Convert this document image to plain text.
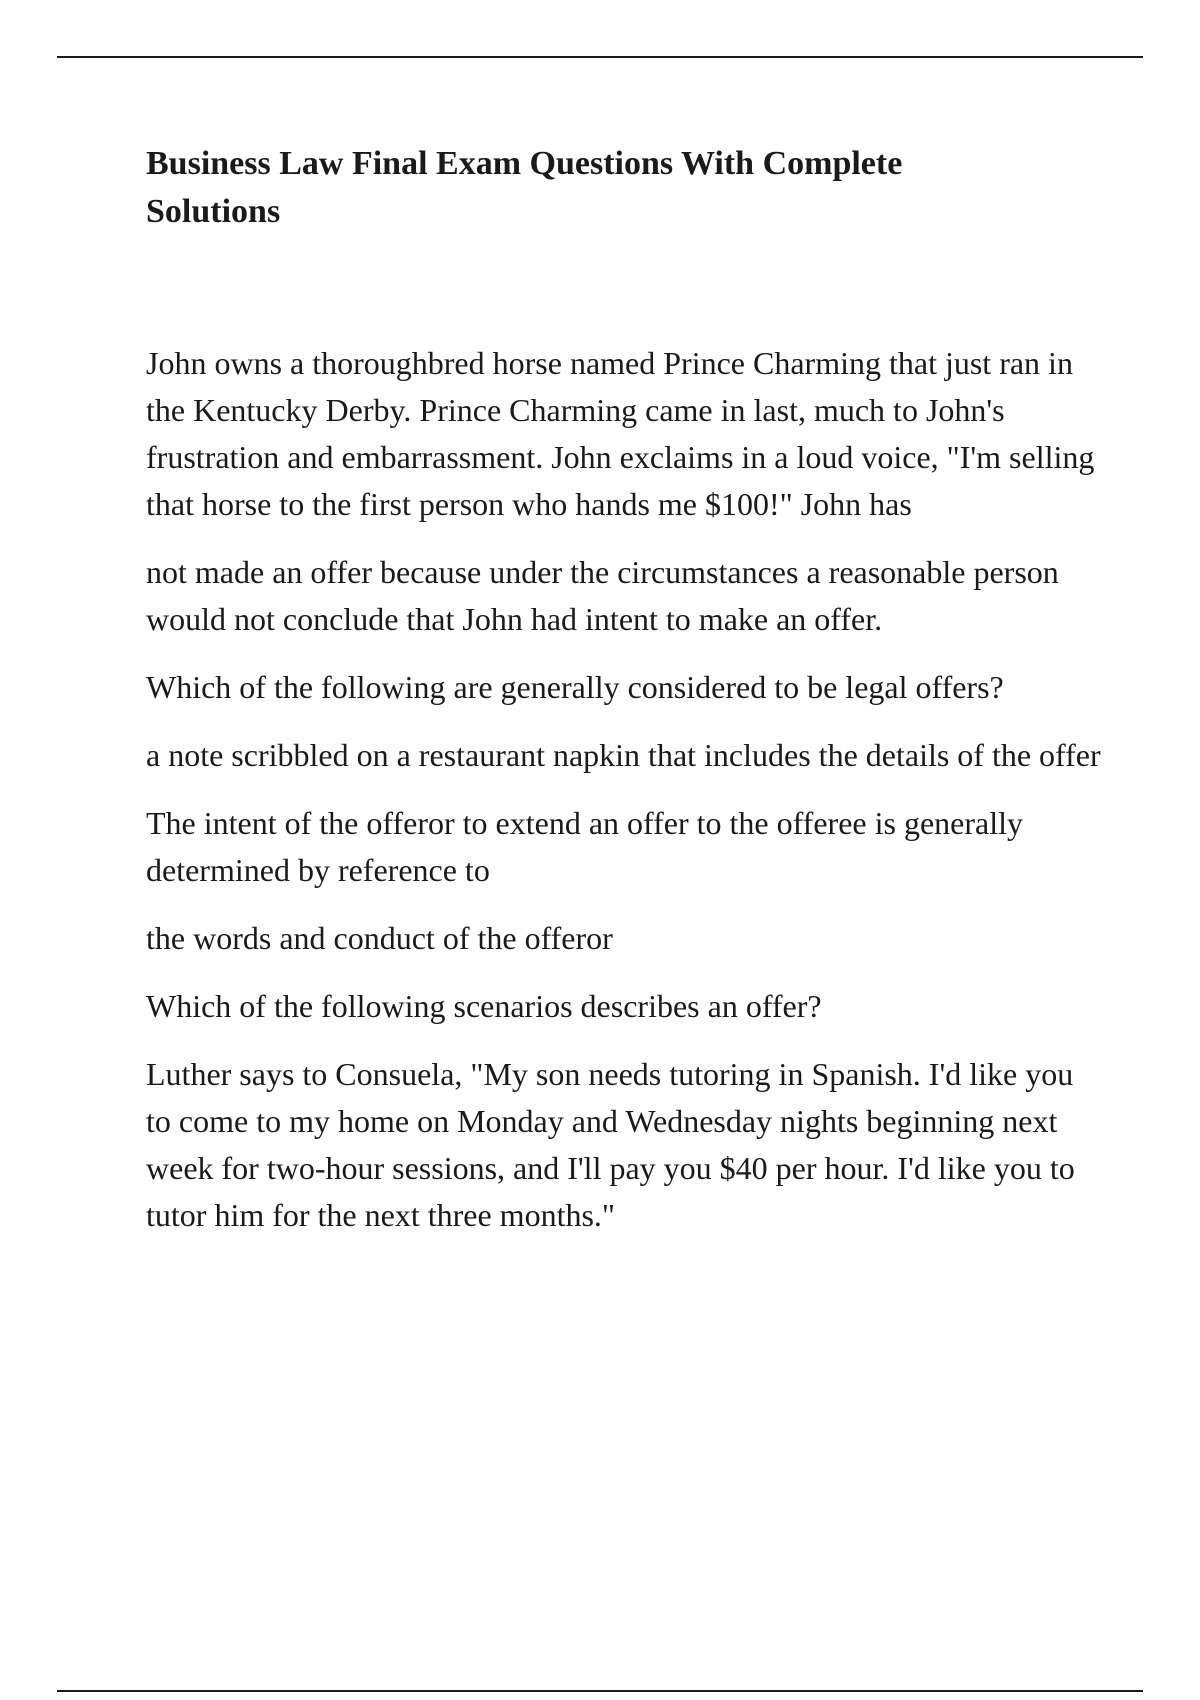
Business Law Final Exam Questions With Complete Solutions

John owns a thoroughbred horse named Prince Charming that just ran in the Kentucky Derby. Prince Charming came in last, much to John's frustration and embarrassment. John exclaims in a loud voice, "I'm selling that horse to the first person who hands me $100!" John has

not made an offer because under the circumstances a reasonable person would not conclude that John had intent to make an offer.

Which of the following are generally considered to be legal offers?

a note scribbled on a restaurant napkin that includes the details of the offer

The intent of the offeror to extend an offer to the offeree is generally determined by reference to

the words and conduct of the offeror

Which of the following scenarios describes an offer?

Luther says to Consuela, "My son needs tutoring in Spanish. I'd like you to come to my home on Monday and Wednesday nights beginning next week for two-hour sessions, and I'll pay you $40 per hour. I'd like you to tutor him for the next three months."
